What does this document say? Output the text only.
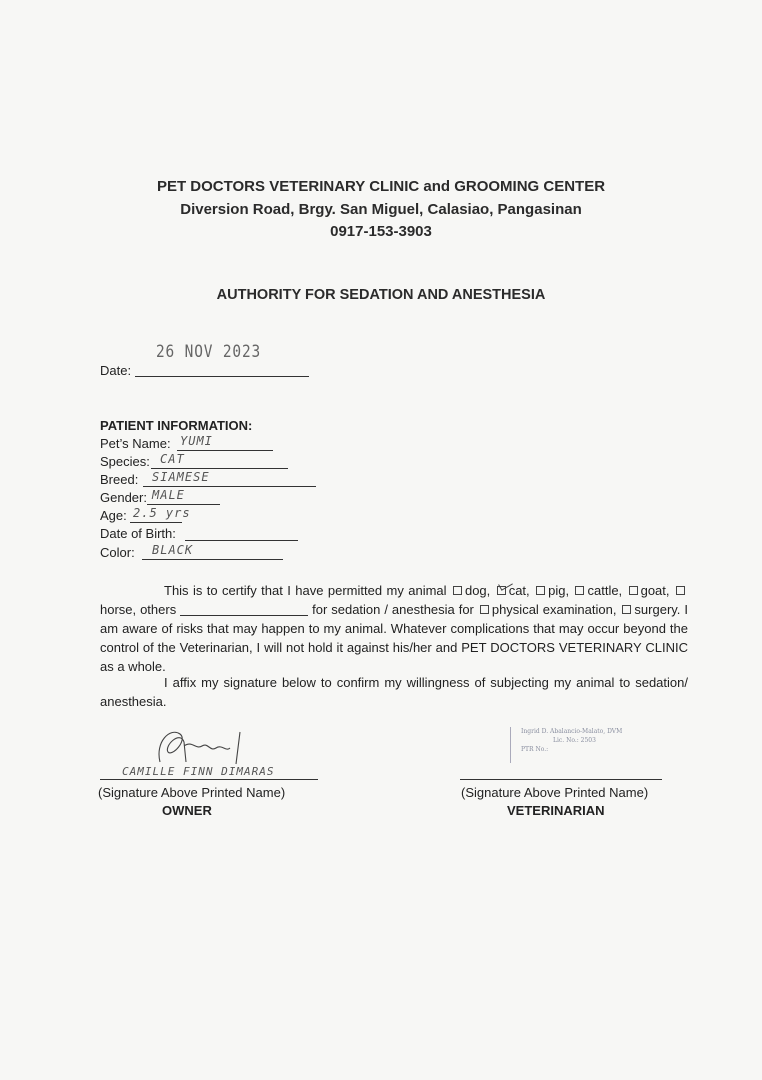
PET DOCTORS VETERINARY CLINIC and GROOMING CENTER
Diversion Road, Brgy. San Miguel, Calasiao, Pangasinan
0917-153-3903
AUTHORITY FOR SEDATION AND ANESTHESIA
26 NOV 2023
Date:
PATIENT INFORMATION:
Pet’s Name: YUMI
Species: CAT
Breed: SIAMESE
Gender: MALE
Age: 2.5 yrs
Date of Birth:
Color: BLACK
This is to certify that I have permitted my animal dog, cat, pig, cattle, goat, horse, others	for sedation / anesthesia for physical examination, surgery. I am aware of risks that may happen to my animal. Whatever complications that may occur beyond the control of the Veterinarian, I will not hold it against his/her and PET DOCTORS VETERINARY CLINIC as a whole.
I affix my signature below to confirm my willingness of subjecting my animal to sedation/ anesthesia.
CAMILLE FINN DIMARAS
(Signature Above Printed Name)
OWNER
Ingrid D. Abalancio-Malato, DVM
Lic. No.: 2503
PTR No.:
(Signature Above Printed Name)
VETERINARIAN
